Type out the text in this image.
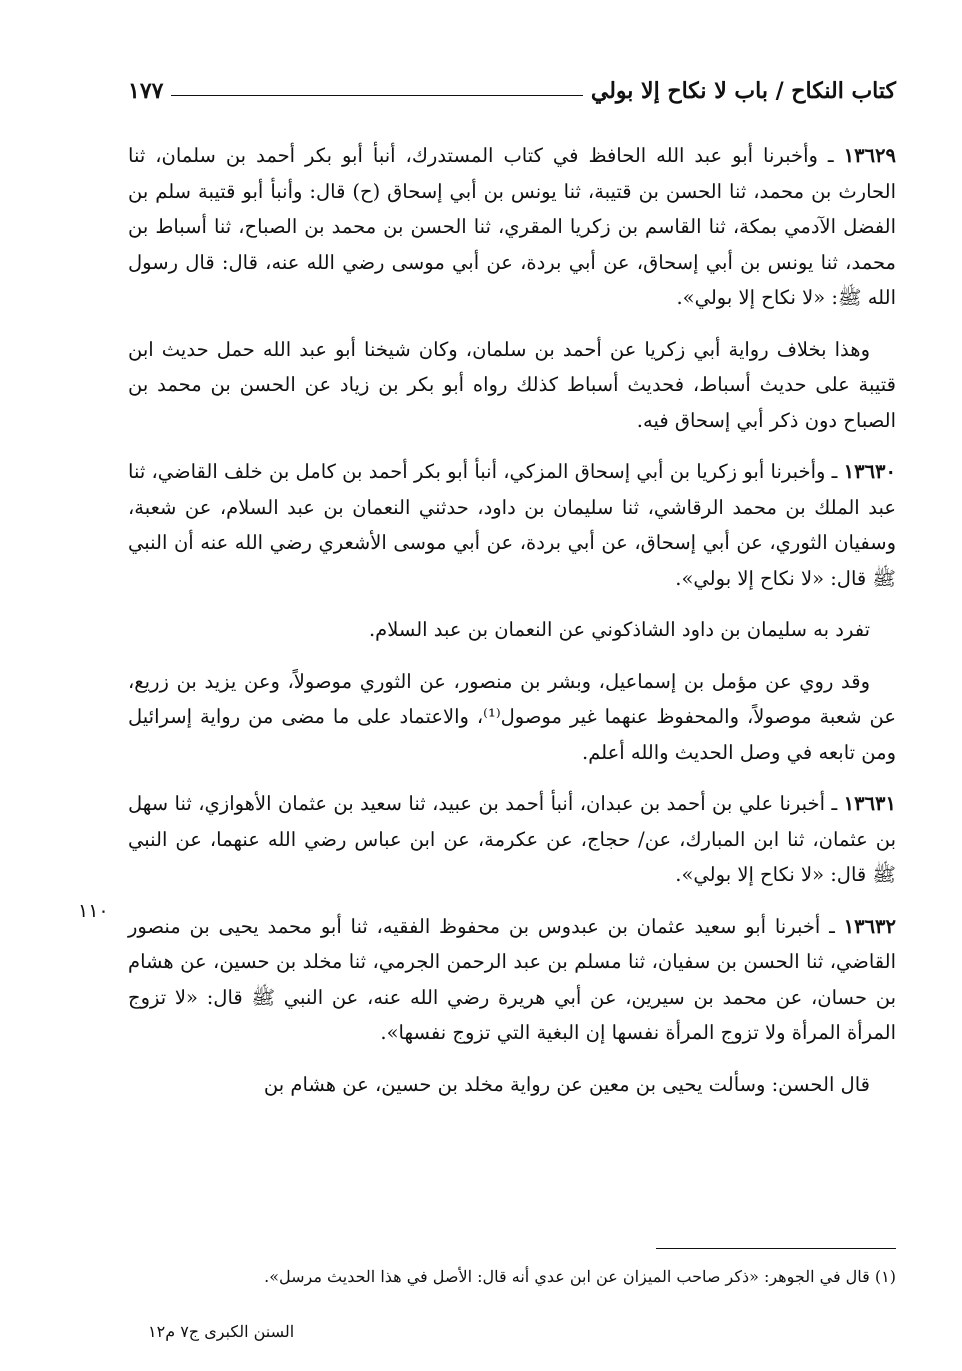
كتاب النكاح / باب لا نكاح إلا بولي
١٧٧

١٣٦٢٩ ـ وأخبرنا أبو عبد الله الحافظ في كتاب المستدرك، أنبأ أبو بكر أحمد بن سلمان، ثنا الحارث بن محمد، ثنا الحسن بن قتيبة، ثنا يونس بن أبي إسحاق (ح) قال: وأنبأ أبو قتيبة سلم بن الفضل الآدمي بمكة، ثنا القاسم بن زكريا المقري، ثنا الحسن بن محمد بن الصباح، ثنا أسباط بن محمد، ثنا يونس بن أبي إسحاق، عن أبي بردة، عن أبي موسى رضي الله عنه، قال: قال رسول الله ﷺ: «لا نكاح إلا بولي».

وهذا بخلاف رواية أبي زكريا عن أحمد بن سلمان، وكان شيخنا أبو عبد الله حمل حديث ابن قتيبة على حديث أسباط، فحديث أسباط كذلك رواه أبو بكر بن زياد عن الحسن بن محمد بن الصباح دون ذكر أبي إسحاق فيه.

١٣٦٣٠ ـ وأخبرنا أبو زكريا بن أبي إسحاق المزكي، أنبأ أبو بكر أحمد بن كامل بن خلف القاضي، ثنا عبد الملك بن محمد الرقاشي، ثنا سليمان بن داود، حدثني النعمان بن عبد السلام، عن شعبة، وسفيان الثوري، عن أبي إسحاق، عن أبي بردة، عن أبي موسى الأشعري رضي الله عنه أن النبي ﷺ قال: «لا نكاح إلا بولي».

تفرد به سليمان بن داود الشاذكوني عن النعمان بن عبد السلام.

وقد روي عن مؤمل بن إسماعيل، وبشر بن منصور، عن الثوري موصولاً، وعن يزيد بن زريع، عن شعبة موصولاً، والمحفوظ عنهما غير موصول⁽¹⁾، والاعتماد على ما مضى من رواية إسرائيل ومن تابعه في وصل الحديث والله أعلم.

١٣٦٣١ ـ أخبرنا علي بن أحمد بن عبدان، أنبأ أحمد بن عبيد، ثنا سعيد بن عثمان الأهوازي، ثنا سهل بن عثمان، ثنا ابن المبارك، عن/ حجاج، عن عكرمة، عن ابن عباس رضي الله عنهما، عن النبي ﷺ قال: «لا نكاح إلا بولي».

١٣٦٣٢ ـ أخبرنا أبو سعيد عثمان بن عبدوس بن محفوظ الفقيه، ثنا أبو محمد يحيى بن منصور القاضي، ثنا الحسن بن سفيان، ثنا مسلم بن عبد الرحمن الجرمي، ثنا مخلد بن حسين، عن هشام بن حسان، عن محمد بن سيرين، عن أبي هريرة رضي الله عنه، عن النبي ﷺ قال: «لا تزوج المرأة المرأة ولا تزوج المرأة نفسها إن البغية التي تزوج نفسها».

قال الحسن: وسألت يحيى بن معين عن رواية مخلد بن حسين، عن هشام بن

١١٠
(١) قال في الجوهر: «ذكر صاحب الميزان عن ابن عدي أنه قال: الأصل في هذا الحديث مرسل».
السنن الكبرى ج٧ م١٢
